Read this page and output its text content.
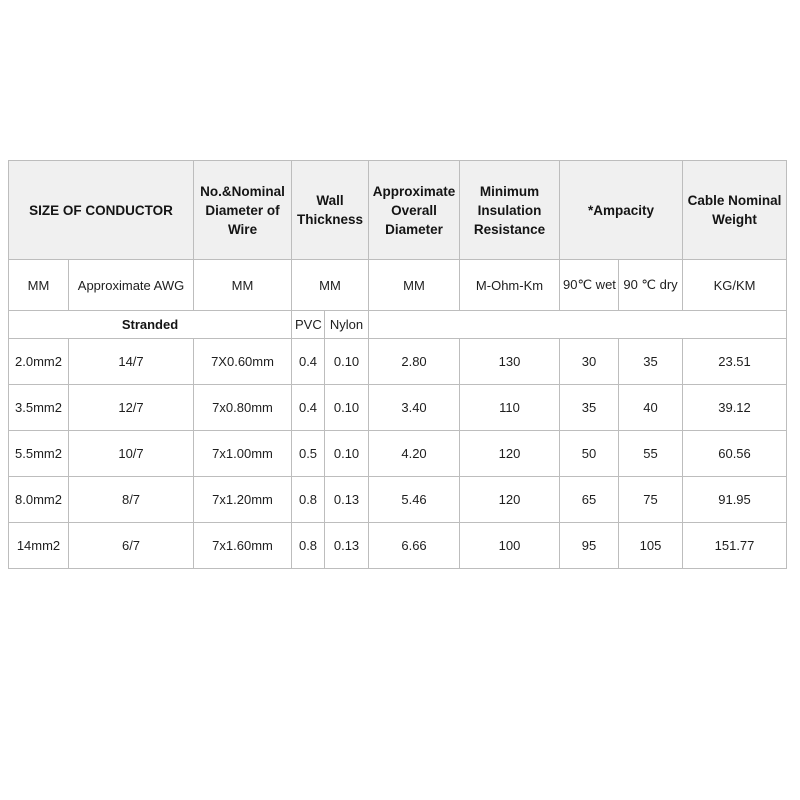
SIZE OF CONDUCTOR		No.&Nominal Diameter of Wire	Wall Thickness		Approximate Overall Diameter	Minimum Insulation Resistance	*Ampacity		Cable Nominal Weight
MM	Approximate AWG	MM	MM		MM	M-Ohm-Km	90℃ wet	90 ℃ dry	KG/KM
Stranded			PVC	Nylon					
2.0mm2	14/7	7X0.60mm	0.4	0.10	2.80	130	30	35	23.51
3.5mm2	12/7	7x0.80mm	0.4	0.10	3.40	110	35	40	39.12
5.5mm2	10/7	7x1.00mm	0.5	0.10	4.20	120	50	55	60.56
8.0mm2	8/7	7x1.20mm	0.8	0.13	5.46	120	65	75	91.95
14mm2	6/7	7x1.60mm	0.8	0.13	6.66	100	95	105	151.77
